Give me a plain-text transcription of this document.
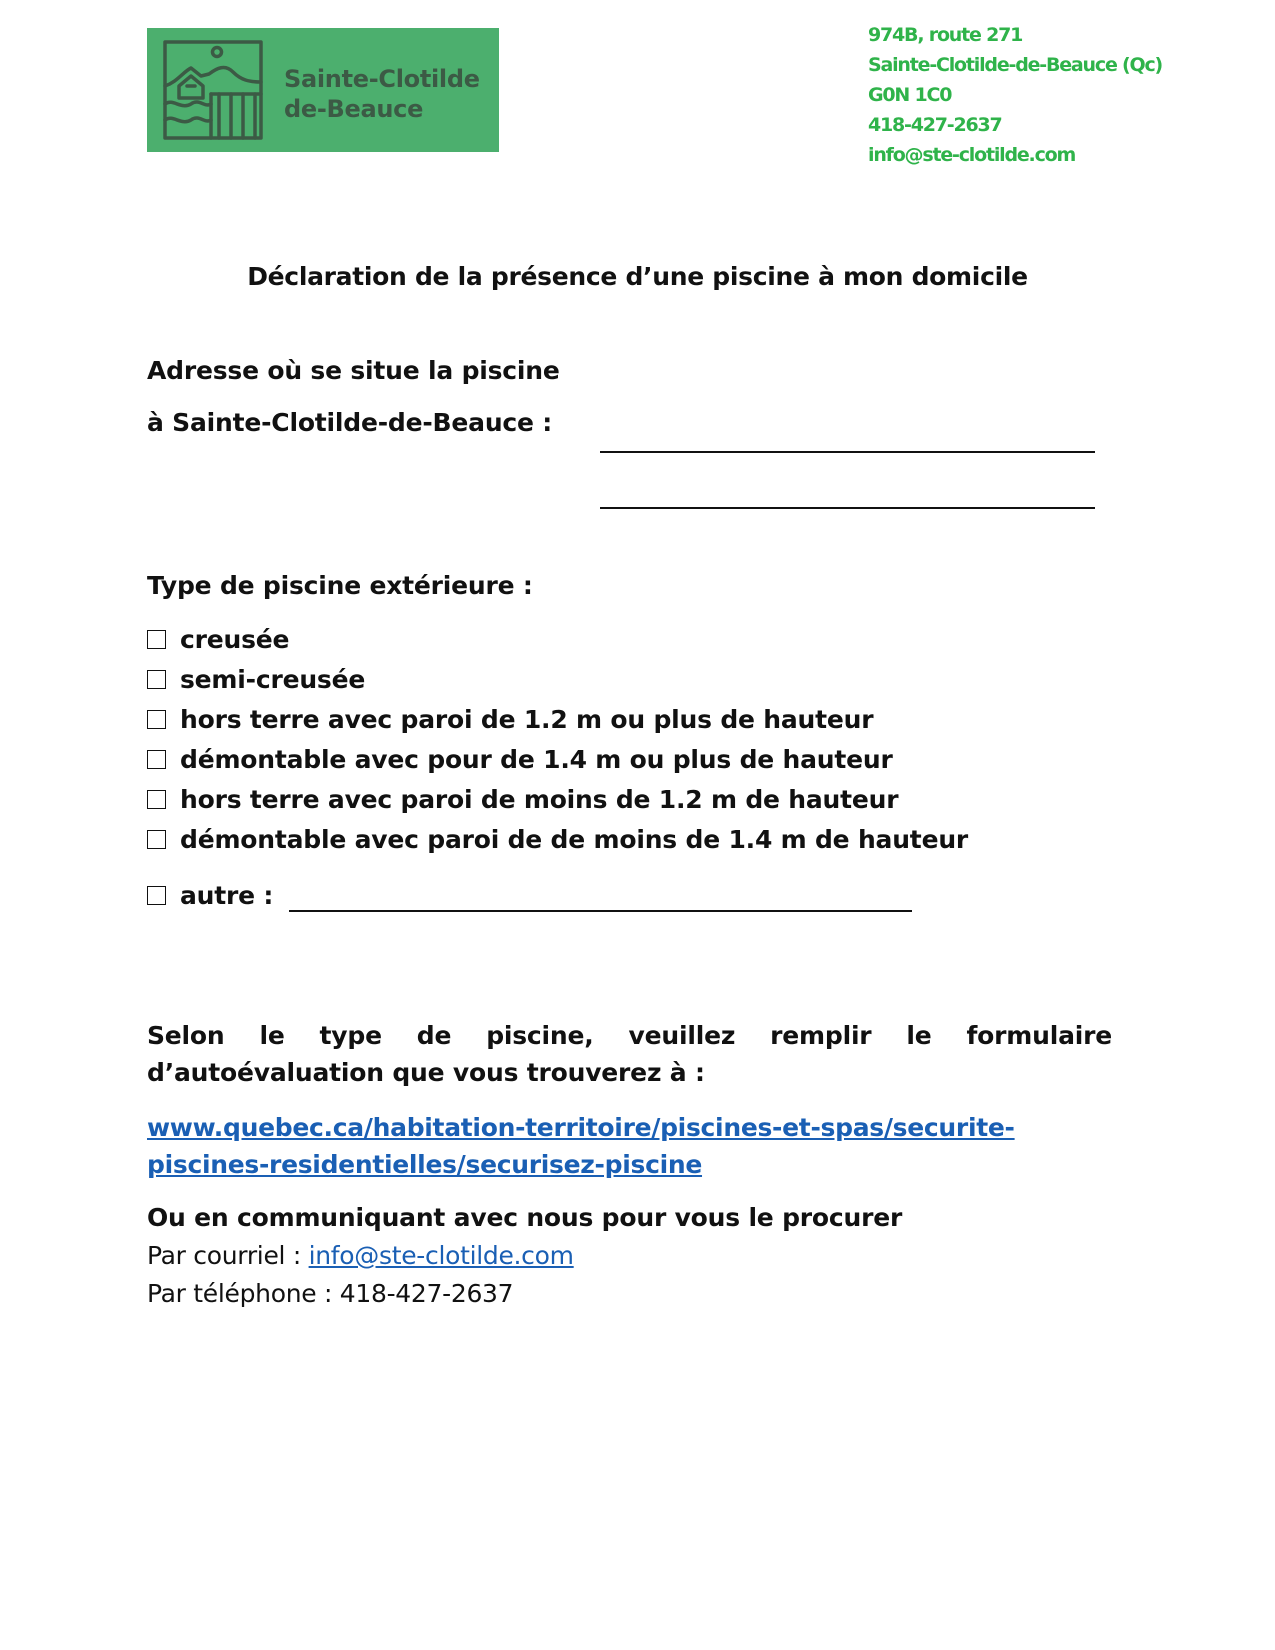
Sainte-Clotilde
de-Beauce
974B, route 271
Sainte-Clotilde-de-Beauce (Qc)
G0N 1C0
418-427-2637
info@ste-clotilde.com
Déclaration de la présence d’une piscine à mon domicile
Adresse où se situe la piscine
à Sainte-Clotilde-de-Beauce :
Type de piscine extérieure :
creusée
semi-creusée
hors terre avec paroi de 1.2 m ou plus de hauteur
démontable avec pour de 1.4 m ou plus de hauteur
hors terre avec paroi de moins de 1.2 m de hauteur
démontable avec paroi de de moins de 1.4 m de hauteur
autre :
Selon le type de piscine, veuillez remplir le formulaire d’autoévaluation que vous trouverez à :
www.quebec.ca/habitation-territoire/piscines-et-spas/securite-
piscines-residentielles/securisez-piscine
Ou en communiquant avec nous pour vous le procurer
Par courriel : info@ste-clotilde.com
Par téléphone : 418-427-2637
